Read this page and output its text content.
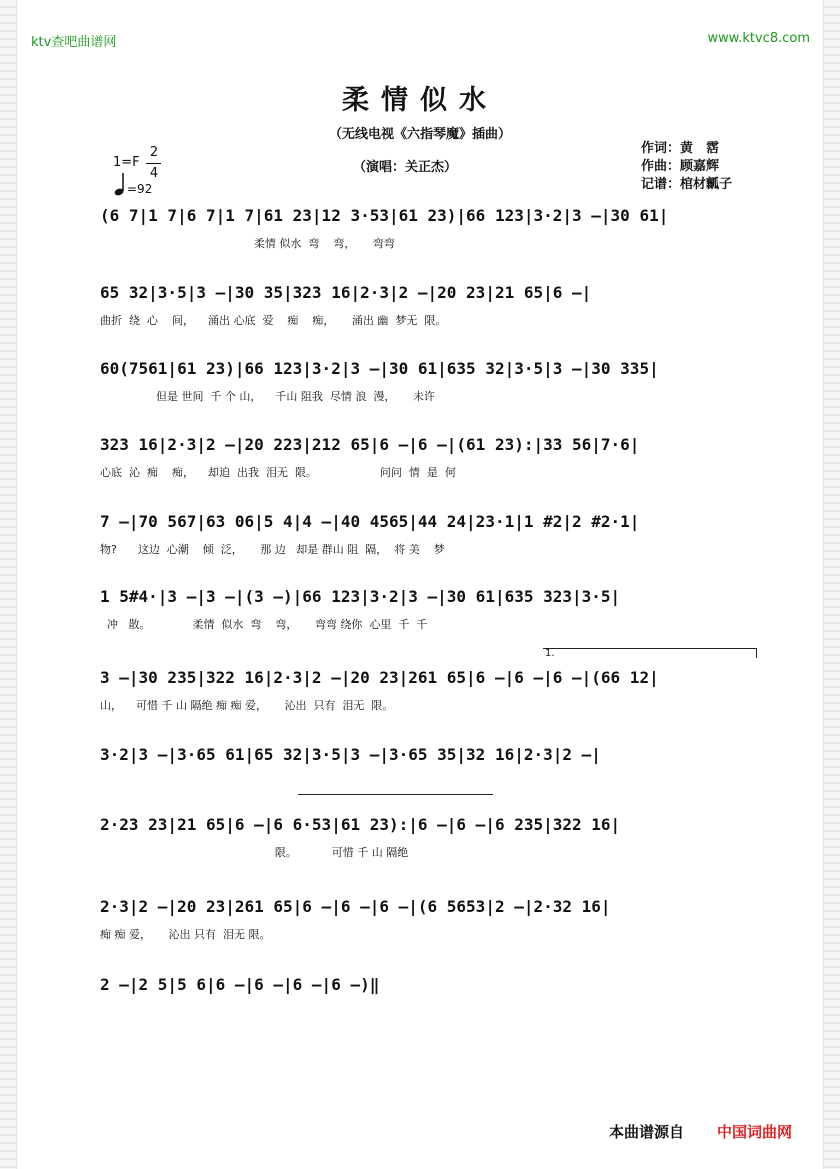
ktv查吧曲谱网	www.ktvc8.com
柔情似水
（无线电视《六指琴魔》插曲）
（演唱：关正杰）
作词：黄　霑
作曲：顾嘉辉
记谱：棺材瓤子
1=F
2
4
=92
(6 7|1 7|6 7|1 7|61 23|12 3·53|61 23)|66 123|3·2|3 –|30 61|
柔情 似水  弯    弯，     弯弯
65 32|3·5|3 –|30 35|323 16|2·3|2 –|20 23|21 65|6 –|
曲折  绕  心    间，    涌出 心底  爱    痴    痴，     涌出 幽  梦无  限。
60(7561|61 23)|66 123|3·2|3 –|30 61|635 32|3·5|3 –|30 335|
但是 世间  千 个 山，    千山 阻我  尽情 浪  漫，     未许
323 16|2·3|2 –|20 223|212 65|6 –|6 –|(61 23):|33 56|7·6|
心底  沁  痴    痴，    却迫  出我  泪无  限。                  问问  情  是  何
7 –|70 567|63 06|5 4|4 –|40 4565|44 24|23·1|1 #2|2 #2·1|
物?      这边  心潮    倾  泛，     那 边   却是 群山 阻  隔，  将 美    梦
1 5#4·|3 –|3 –|(3 –)|66 123|3·2|3 –|30 61|635 323|3·5|
冲   散。            柔情  似水  弯    弯，     弯弯 绕你  心里  千  千
1.
3 –|30 235|322 16|2·3|2 –|20 23|261 65|6 –|6 –|6 –|(66 12|
山，    可惜 千 山 隔绝 痴 痴 爱，     沁出  只有  泪无  限。
3·2|3 –|3·65 61|65 32|3·5|3 –|3·65 35|32 16|2·3|2 –|
2·23 23|21 65|6 –|6 6·53|61 23):|6 –|6 –|6 235|322 16|
限。          可惜 千 山 隔绝
2·3|2 –|20 23|261 65|6 –|6 –|6 –|(6 5653|2 –|2·32 16|
痴 痴 爱，     沁出 只有  泪无 限。
2 –|2 5|5 6|6 –|6 –|6 –|6 –)‖
本曲谱源自 中国词曲网
